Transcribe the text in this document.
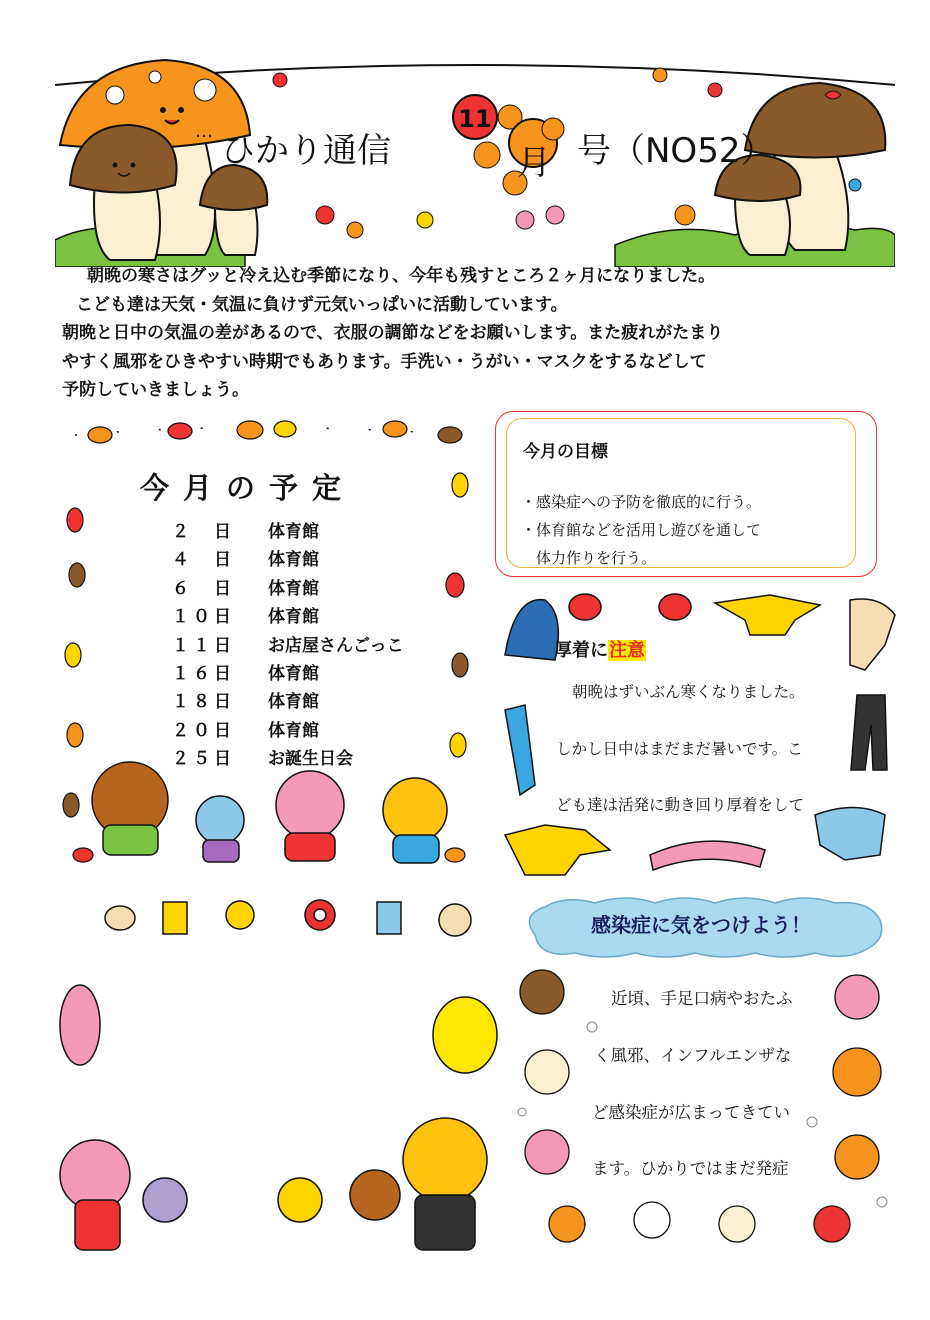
… ひかり通信
11
月 号（NO52）

　朝晩の寒さはグッと冷え込む季節になり、今年も残すところ２ヶ月になりました。

こども達は天気・気温に負けず元気いっぱいに活動しています。

朝晩と日中の気温の差があるので、衣服の調節などをお願いします。また疲れがたまり

やすく風邪をひきやすい時期でもあります。手洗い・うがい・マスクをするなどして

予防していきましょう。

今月の予定
２　日 体育館
４　日 体育館
６　日 体育館
１０日 体育館
１１日 お店屋さんごっこ
１６日 体育館
１８日 体育館
２０日 体育館
２５日 お誕生日会
今月の目標
・感染症への予防を徹底的に行う。
・体育館などを活用し遊びを通して
　体力作りを行う。
厚着に注意
朝晩はずいぶん寒くなりました。
しかし日中はまだまだ暑いです。こ
ども達は活発に動き回り厚着をして
感染症に気をつけよう！
近頃、手足口病やおたふ
く風邪、インフルエンザな
ど感染症が広まってきてい
ます。ひかりではまだ発症
